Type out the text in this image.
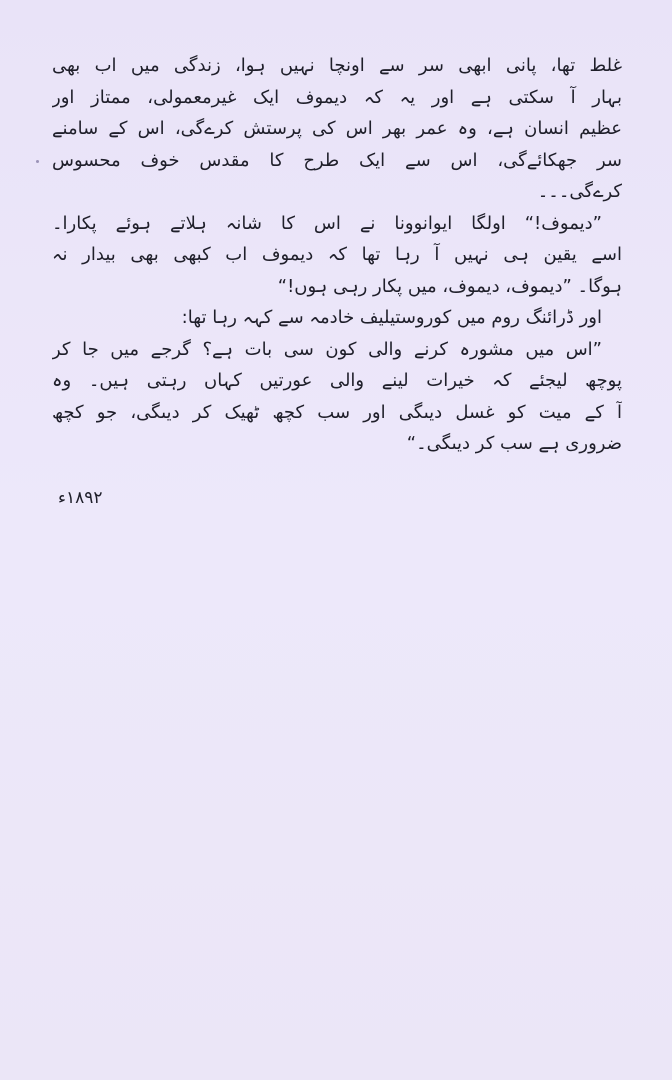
غلط تھا، پانی ابھی سر سے اونچا نہیں ہوا، زندگی میں اب بھی
بہار آ سکتی ہے اور یہ کہ دیموف ایک غیرمعمولی، ممتاز اور
عظیم انسان ہے، وہ عمر بھر اس کی پرستش کرےگی، اس کے سامنے
سر جھکائےگی، اس سے ایک طرح کا مقدس خوف محسوس
کرےگی۔۔۔
”دیموف!“ اولگا ایوانوونا نے اس کا شانہ ہلاتے ہوئے پکارا۔
اسے یقین ہی نہیں آ رہا تھا کہ دیموف اب کبھی بھی بیدار نہ
ہوگا۔ ”دیموف، دیموف، میں پکار رہی ہوں!“
اور ڈرائنگ روم میں کوروستیلیف خادمہ سے کہہ رہا تھا:
”اس میں مشورہ کرنے والی کون سی بات ہے؟ گرجے میں جا کر
پوچھ لیجئے کہ خیرات لینے والی عورتیں کہاں رہتی ہیں۔ وہ
آ کے میت کو غسل دیںگی اور سب کچھ ٹھیک کر دیںگی، جو کچھ
ضروری ہے سب کر دیںگی۔“
۱۸۹۲ء
